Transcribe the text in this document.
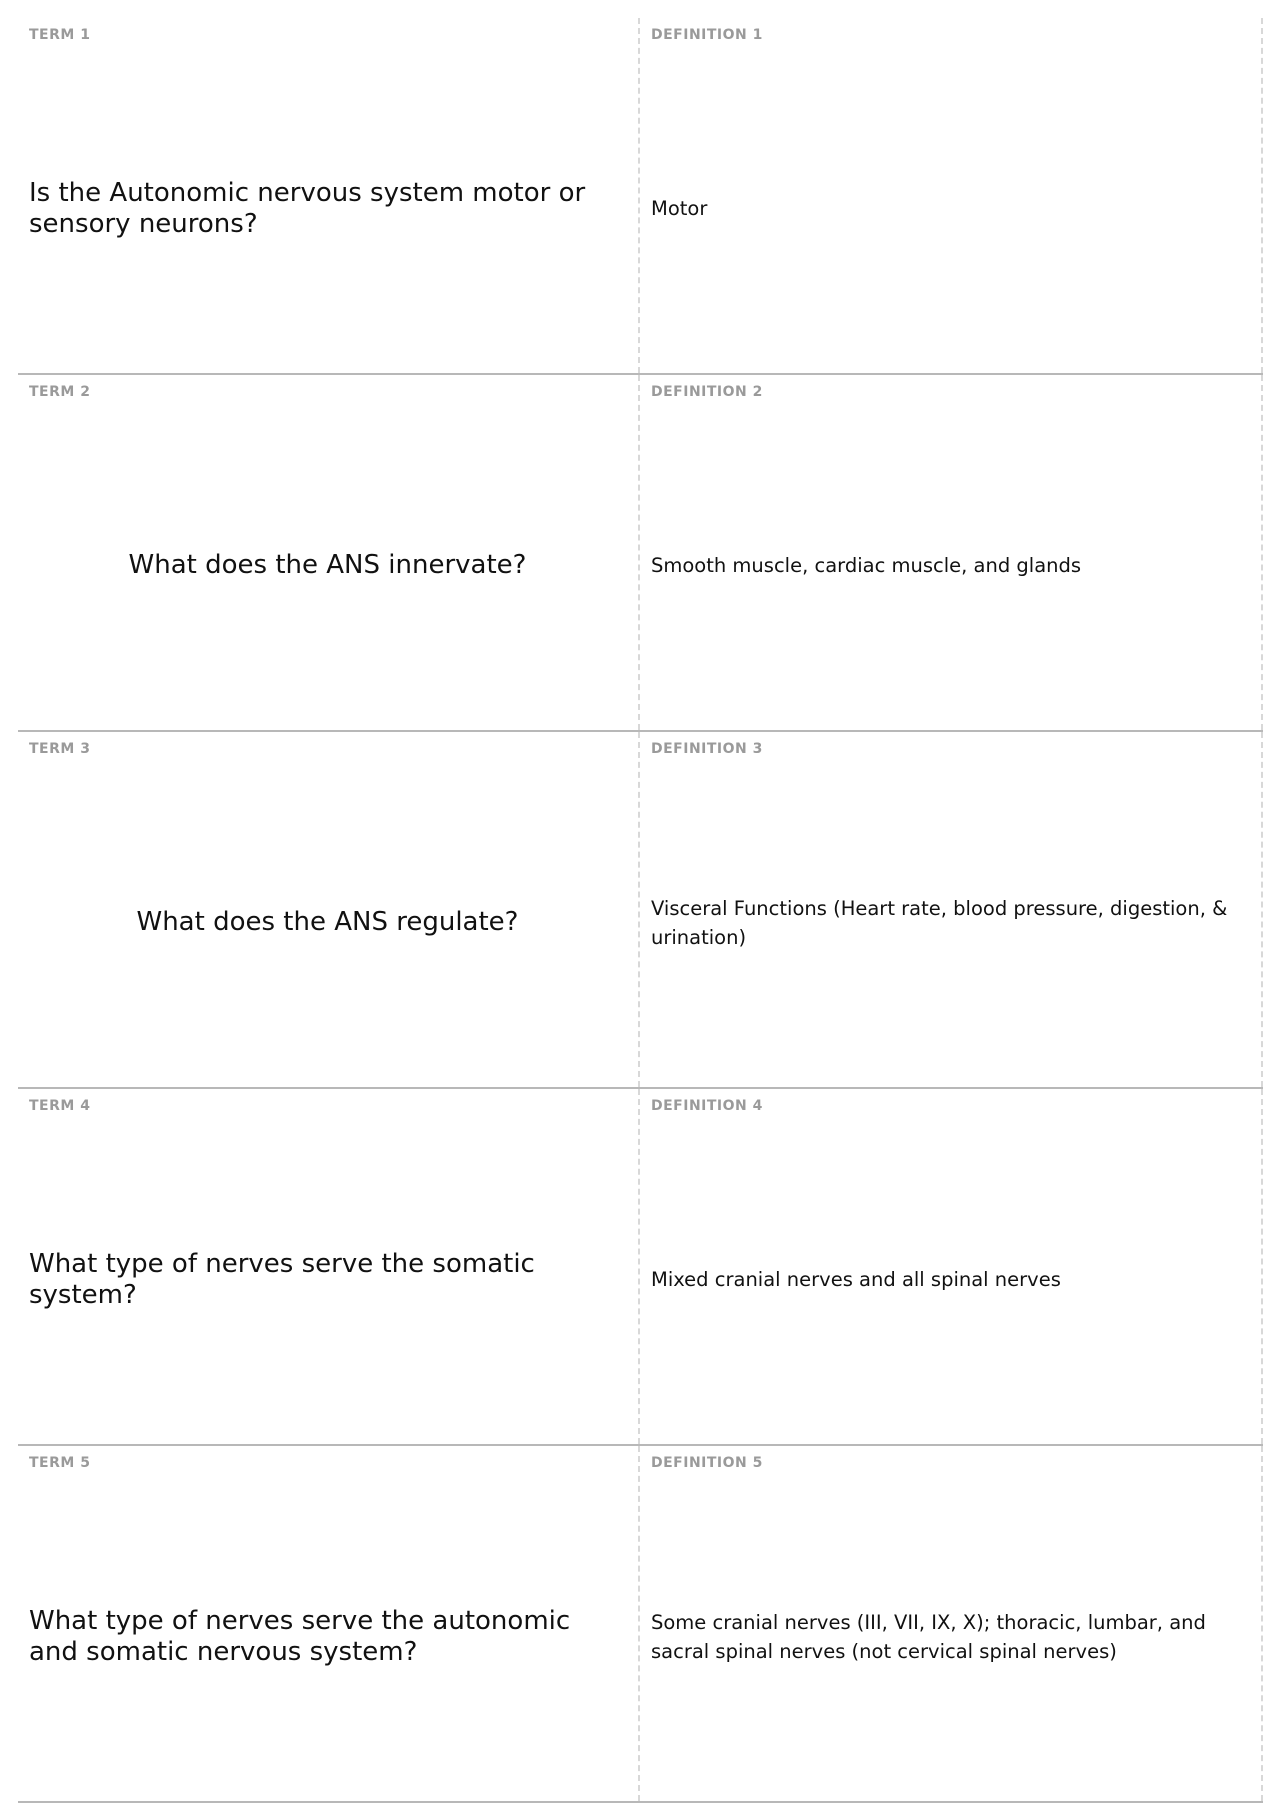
TERM 1
Is the Autonomic nervous system motor or sensory neurons?
DEFINITION 1
Motor
TERM 2
What does the ANS innervate?
DEFINITION 2
Smooth muscle, cardiac muscle, and glands
TERM 3
What does the ANS regulate?
DEFINITION 3
Visceral Functions (Heart rate, blood pressure, digestion, & urination)
TERM 4
What type of nerves serve the somatic system?
DEFINITION 4
Mixed cranial nerves and all spinal nerves
TERM 5
What type of nerves serve the autonomic and somatic nervous system?
DEFINITION 5
Some cranial nerves (III, VII, IX, X); thoracic, lumbar, and sacral spinal nerves (not cervical spinal nerves)
